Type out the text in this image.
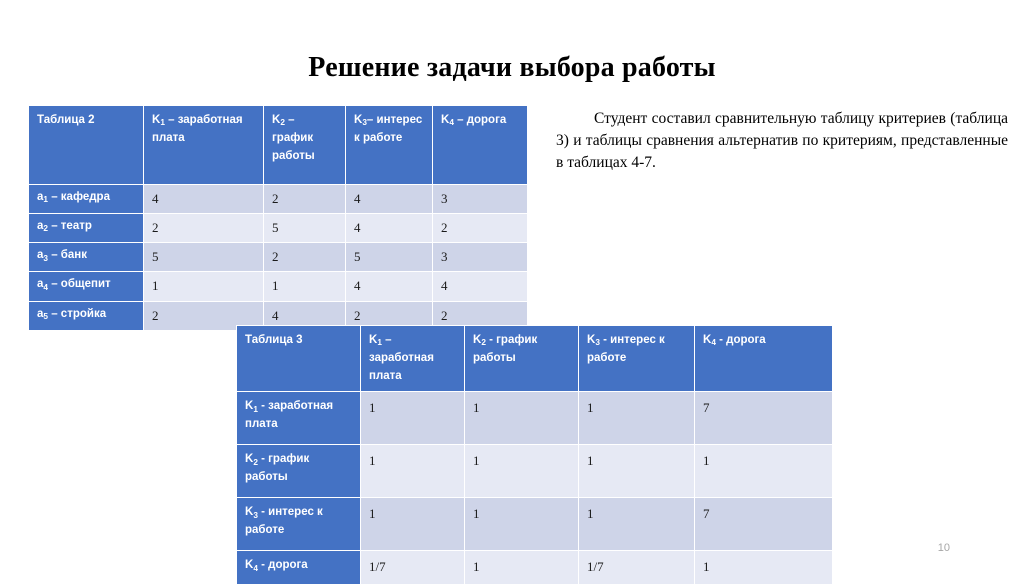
Решение задачи выбора работы
Таблица 2	$K_1$ – заработная плата	$K_2$ – график работы	$K_3-$ интерес к работе	$K_4$ – дорога
$a_1$ – кафедра	4	2	4	3
$a_2$ – театр	2	5	4	2
$a_3$ – банк	5	2	5	3
$a_4$ – общепит	1	1	4	4
$a_5$ – стройка	2	4	2	2
Студент составил сравнительную таблицу критериев (таблица 3) и таблицы сравнения альтернатив по критериям, представленные в таблицах 4-7.
Таблица 3	$K_1$ – заработная плата	$K_2$ - график работы	$K_3$ - интерес к работе	$K_4$ - дорога
$K_1$ - заработная плата	1	1	1	7
$K_2$ - график работы	1	1	1	1
$K_3$ - интерес к работе	1	1	1	7
$K_4$ - дорога	1/7	1	1/7	1
10
